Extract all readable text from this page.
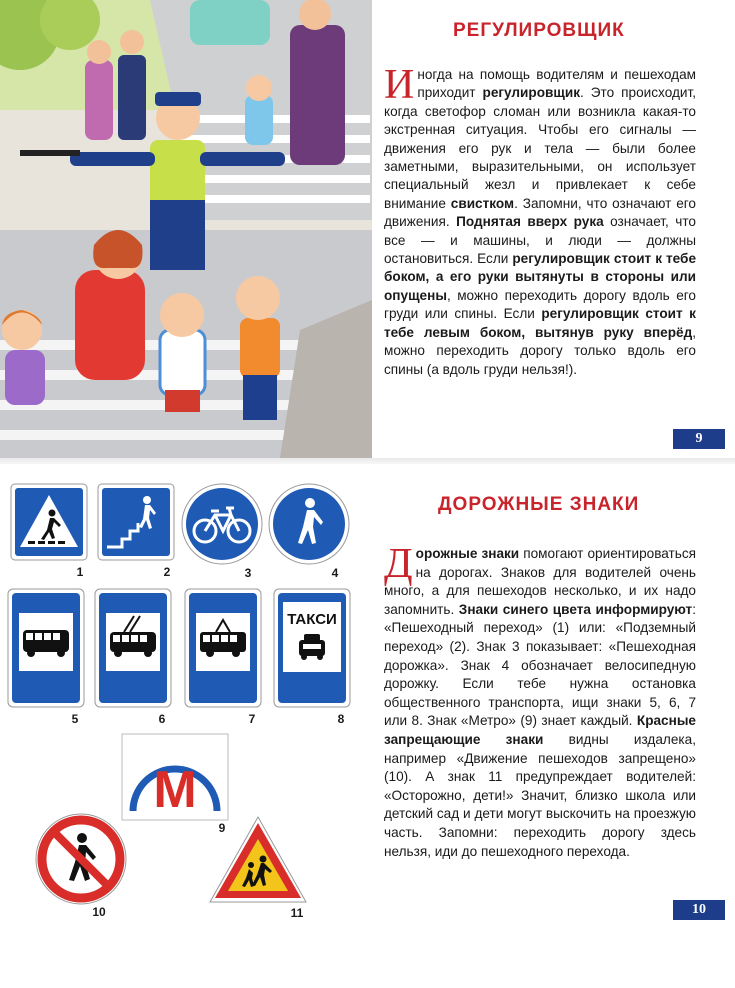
РЕГУЛИРОВЩИК
Иногда на помощь водителям и пешеходам приходит регулировщик. Это происходит, когда светофор сломан или возникла какая-то экстренная ситуация. Чтобы его сигналы — движения его рук и тела — были более заметными, выразительными, он использует специальный жезл и привлекает к себе внимание свистком. Запомни, что означают его движения. Поднятая вверх рука означает, что все — и машины, и люди — должны остановиться. Если регулировщик стоит к тебе боком, а его руки вытянуты в стороны или опущены, можно переходить дорогу вдоль его груди или спины. Если регулировщик стоит к тебе левым боком, вытянув руку вперёд, можно переходить дорогу только вдоль его спины (а вдоль груди нельзя!).
9
1	2	3	4
5	6	7
ТАКСИ
8
М
9
10	11
ДОРОЖНЫЕ ЗНАКИ
Дорожные знаки помогают ориентироваться на дорогах. Знаков для водителей очень много, а для пешеходов несколько, и их надо запомнить. Знаки синего цвета информируют: «Пешеходный переход» (1) или: «Подземный переход» (2). Знак 3 показывает: «Пешеходная дорожка». Знак 4 обозначает велосипедную дорожку. Если тебе нужна остановка общественного транспорта, ищи знаки 5, 6, 7 или 8. Знак «Метро» (9) знает каждый. Красные запрещающие знаки видны издалека, например «Движение пешеходов запрещено» (10). А знак 11 предупреждает водителей: «Осторожно, дети!» Значит, близко школа или детский сад и дети могут выскочить на проезжую часть. Запомни: переходить дорогу здесь нельзя, иди до пешеходного перехода.
10
